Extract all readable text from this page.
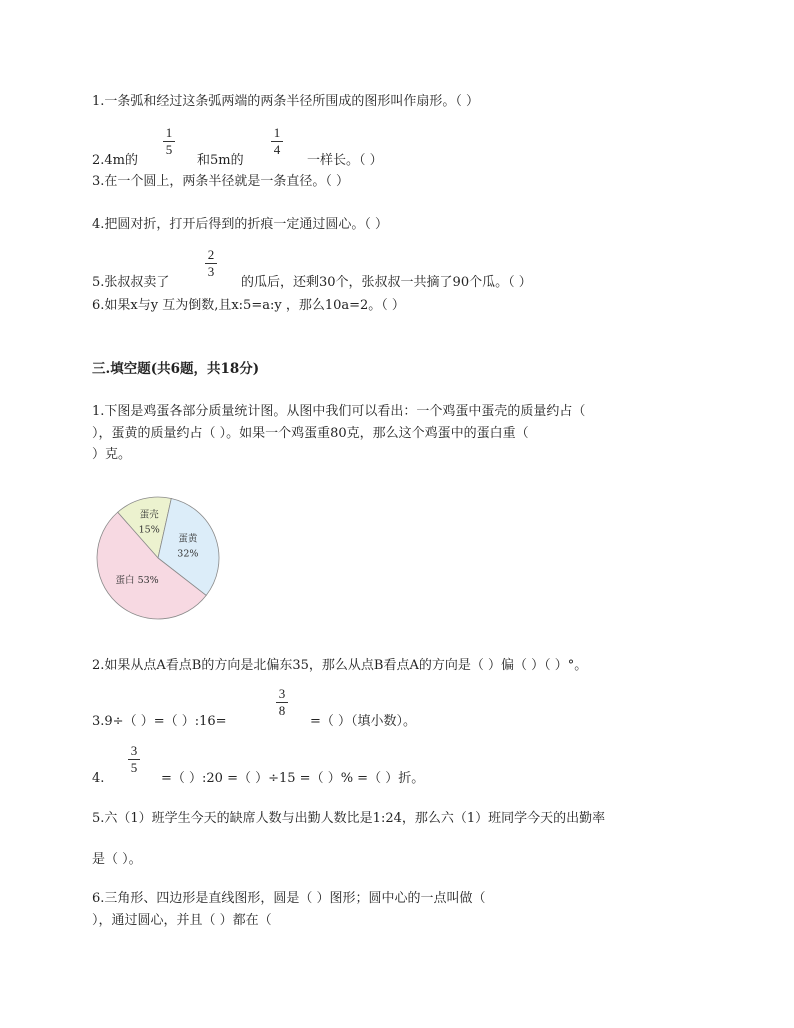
1.一条弧和经过这条弧两端的两条半径所围成的图形叫作扇形。（ ）
2.4m的
1
5
和5m的
1
4
一样长。（ ）
3.在一个圆上，两条半径就是一条直径。（ ）
4.把圆对折，打开后得到的折痕一定通过圆心。（ ）
5.张叔叔卖了
2
3
的瓜后，还剩30个，张叔叔一共摘了90个瓜。（ ）
6.如果x与y 互为倒数,且x:5=a:y ，那么10a=2。（ ）
三.填空题(共6题，共18分)
1.下图是鸡蛋各部分质量统计图。从图中我们可以看出：一个鸡蛋中蛋壳的质量约占（
），蛋黄的质量约占（ ）。如果一个鸡蛋重80克，那么这个鸡蛋中的蛋白重（
）克。
蛋壳
15%
蛋黄
32%
蛋白 53%
2.如果从点A看点B的方向是北偏东35，那么从点B看点A的方向是（ ）偏（ ）（ ）°。
3.9÷（ ）=（ ）:16=
3
8
=（ ）（填小数）。
4.
3
5
=（ ）:20 =（ ）÷15 =（ ）% =（ ）折。
5.六（1）班学生今天的缺席人数与出勤人数比是1:24，那么六（1）班同学今天的出勤率
是（ ）。
6.三角形、四边形是直线图形，圆是（ ）图形；圆中心的一点叫做（
），通过圆心，并且（ ）都在（
